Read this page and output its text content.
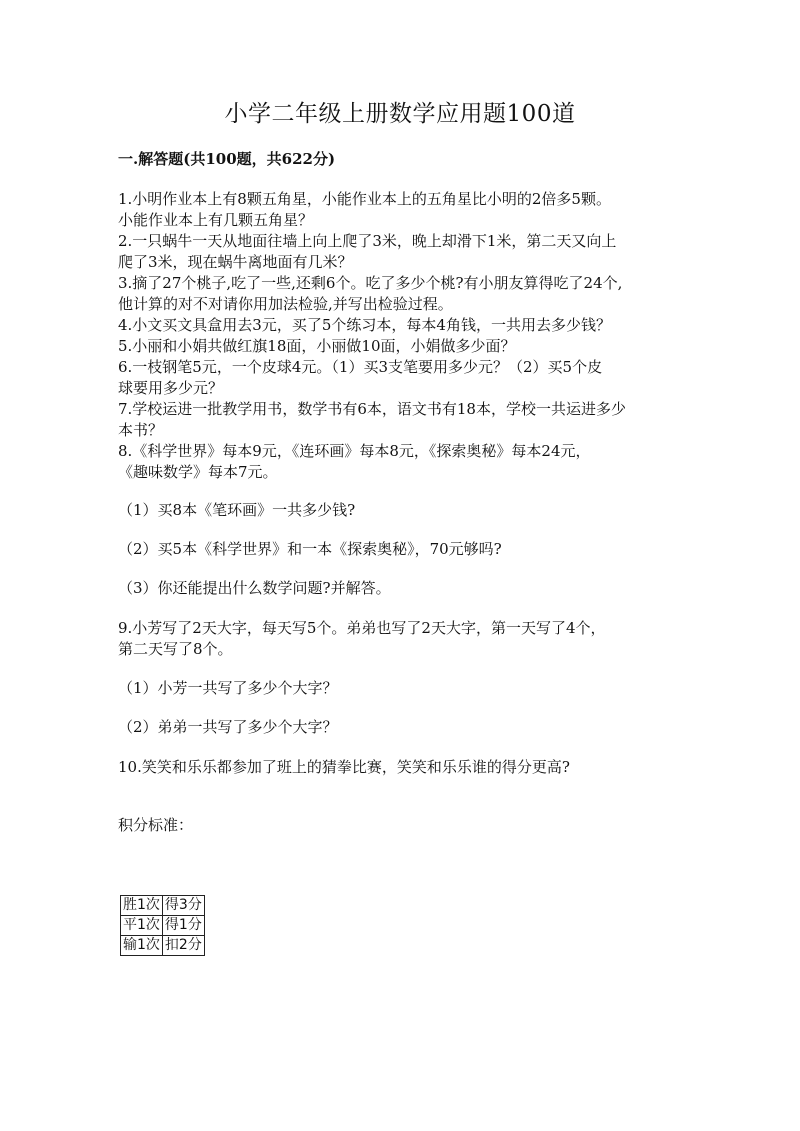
小学二年级上册数学应用题100道
一.解答题(共100题，共622分)
1.小明作业本上有8颗五角星，小能作业本上的五角星比小明的2倍多5颗。
小能作业本上有几颗五角星？
2.一只蜗牛一天从地面往墙上向上爬了3米，晚上却滑下1米，第二天又向上
爬了3米，现在蜗牛离地面有几米？
3.摘了27个桃子,吃了一些,还剩6个。吃了多少个桃?有小朋友算得吃了24个,
他计算的对不对请你用加法检验,并写出检验过程。
4.小文买文具盒用去3元，买了5个练习本，每本4角钱，一共用去多少钱？
5.小丽和小娟共做红旗18面，小丽做10面，小娟做多少面？
6.一枝钢笔5元，一个皮球4元。（1）买3支笔要用多少元？（2）买5个皮
球要用多少元？
7.学校运进一批教学用书，数学书有6本，语文书有18本，学校一共运进多少
本书？
8.《科学世界》每本9元，《连环画》每本8元，《探索奥秘》每本24元，
《趣味数学》每本7元。
（1）买8本《笔环画》一共多少钱?
（2）买5本《科学世界》和一本《探索奥秘》，70元够吗?
（3）你还能提出什么数学问题?并解答。
9.小芳写了2天大字，每天写5个。弟弟也写了2天大字，第一天写了4个，
第二天写了8个。
（1）小芳一共写了多少个大字？
（2）弟弟一共写了多少个大字？
10.笑笑和乐乐都参加了班上的猜拳比赛，笑笑和乐乐谁的得分更高?
积分标准：
胜1次	得3分
平1次	得1分
输1次	扣2分
